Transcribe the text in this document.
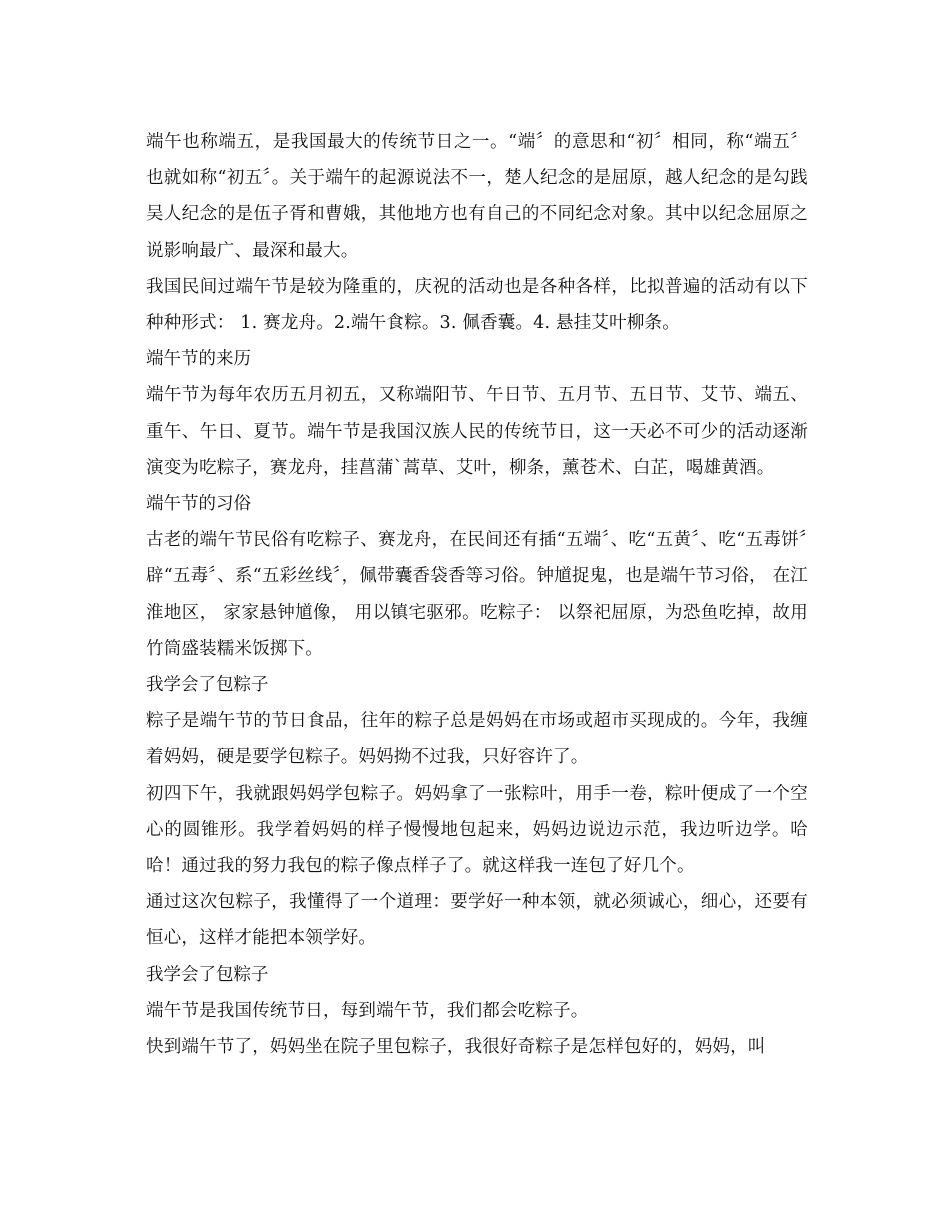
端午也称端五，是我国最大的传统节日之一。“端〞的意思和“初〞相同，称“端五〞也就如称“初五〞。关于端午的起源说法不一，楚人纪念的是屈原，越人纪念的是勾践吴人纪念的是伍子胥和曹娥，其他地方也有自己的不同纪念对象。其中以纪念屈原之说影响最广、最深和最大。

我国民间过端午节是较为隆重的，庆祝的活动也是各种各样，比拟普遍的活动有以下种种形式： 1. 赛龙舟。2.端午食粽。3. 佩香囊。4. 悬挂艾叶柳条。

端午节的来历

端午节为每年农历五月初五，又称端阳节、午日节、五月节、五日节、艾节、端五、重午、午日、夏节。端午节是我国汉族人民的传统节日，这一天必不可少的活动逐渐演变为吃粽子，赛龙舟，挂菖蒲`蒿草、艾叶，柳条，薰苍术、白芷，喝雄黄酒。

端午节的习俗

古老的端午节民俗有吃粽子、赛龙舟，在民间还有插“五端〞、吃“五黄〞、吃“五毒饼〞辟“五毒〞、系“五彩丝线〞，佩带囊香袋香等习俗。钟馗捉鬼，也是端午节习俗， 在江淮地区， 家家悬钟馗像， 用以镇宅驱邪。吃粽子： 以祭祀屈原，为恐鱼吃掉，故用竹筒盛装糯米饭掷下。

我学会了包粽子

粽子是端午节的节日食品，往年的粽子总是妈妈在市场或超市买现成的。今年，我缠着妈妈，硬是要学包粽子。妈妈拗不过我，只好容许了。

初四下午，我就跟妈妈学包粽子。妈妈拿了一张粽叶，用手一卷，粽叶便成了一个空心的圆锥形。我学着妈妈的样子慢慢地包起来，妈妈边说边示范，我边听边学。哈哈！通过我的努力我包的粽子像点样子了。就这样我一连包了好几个。

通过这次包粽子，我懂得了一个道理：要学好一种本领，就必须诚心，细心，还要有恒心，这样才能把本领学好。

我学会了包粽子

端午节是我国传统节日，每到端午节，我们都会吃粽子。

快到端午节了，妈妈坐在院子里包粽子，我很好奇粽子是怎样包好的，妈妈，叫
